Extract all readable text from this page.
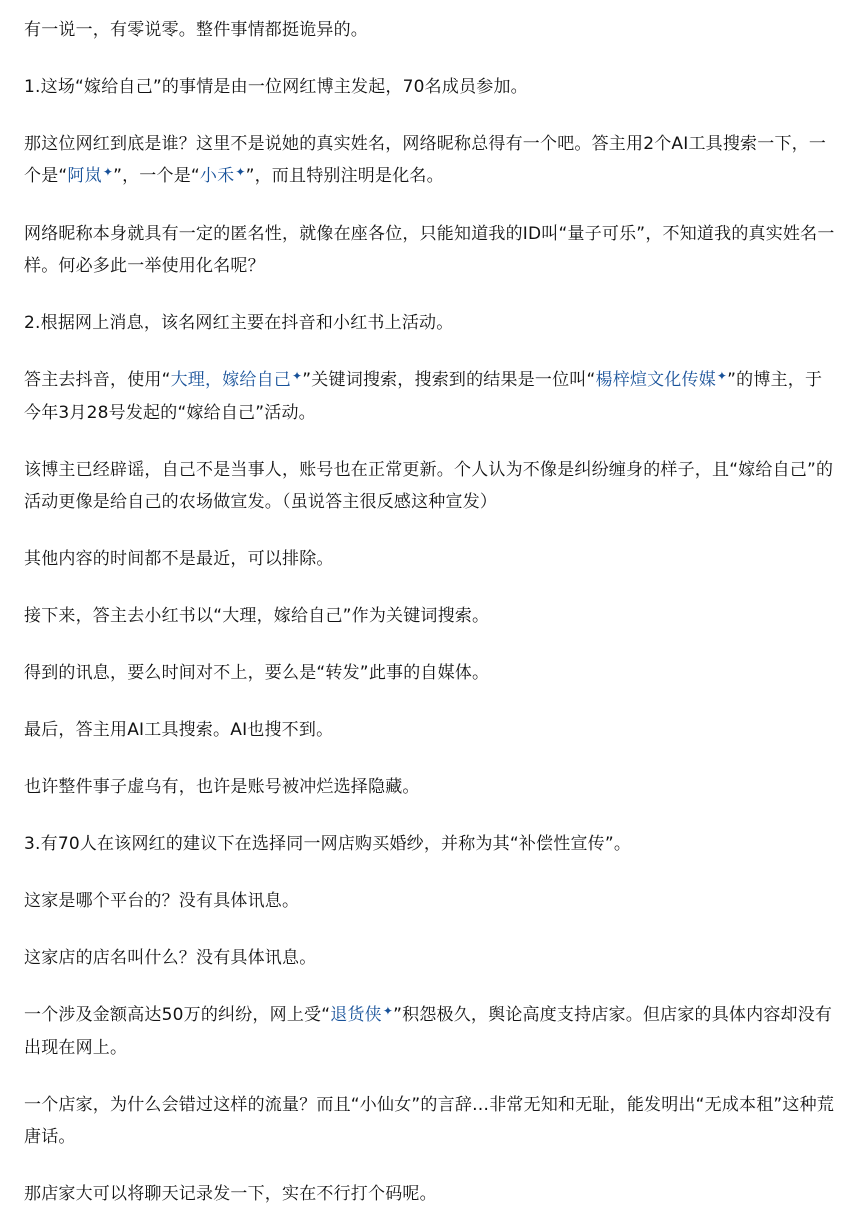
有一说一，有零说零。整件事情都挺诡异的。

1.这场“嫁给自己”的事情是由一位网红博主发起，70名成员参加。

那这位网红到底是谁？这里不是说她的真实姓名，网络昵称总得有一个吧。答主用2个AI工具搜索一下，一个是“阿岚✦”，一个是“小禾✦”，而且特别注明是化名。

网络昵称本身就具有一定的匿名性，就像在座各位，只能知道我的ID叫“量子可乐”，不知道我的真实姓名一样。何必多此一举使用化名呢？

2.根据网上消息，该名网红主要在抖音和小红书上活动。

答主去抖音，使用“大理，嫁给自己✦”关键词搜索，搜索到的结果是一位叫“楊梓煊文化传媒✦”的博主，于今年3月28号发起的“嫁给自己”活动。

该博主已经辟谣，自己不是当事人，账号也在正常更新。个人认为不像是纠纷缠身的样子，且“嫁给自己”的活动更像是给自己的农场做宣发。（虽说答主很反感这种宣发）

其他内容的时间都不是最近，可以排除。

接下来，答主去小红书以“大理，嫁给自己”作为关键词搜索。

得到的讯息，要么时间对不上，要么是“转发”此事的自媒体。

最后，答主用AI工具搜索。AI也搜不到。

也许整件事子虚乌有，也许是账号被冲烂选择隐藏。

3.有70人在该网红的建议下在选择同一网店购买婚纱，并称为其“补偿性宣传”。

这家是哪个平台的？没有具体讯息。

这家店的店名叫什么？没有具体讯息。

一个涉及金额高达50万的纠纷，网上受“退货侠✦”积怨极久，舆论高度支持店家。但店家的具体内容却没有出现在网上。

一个店家，为什么会错过这样的流量？而且“小仙女”的言辞…非常无知和无耻，能发明出“无成本租”这种荒唐话。

那店家大可以将聊天记录发一下，实在不行打个码呢。
